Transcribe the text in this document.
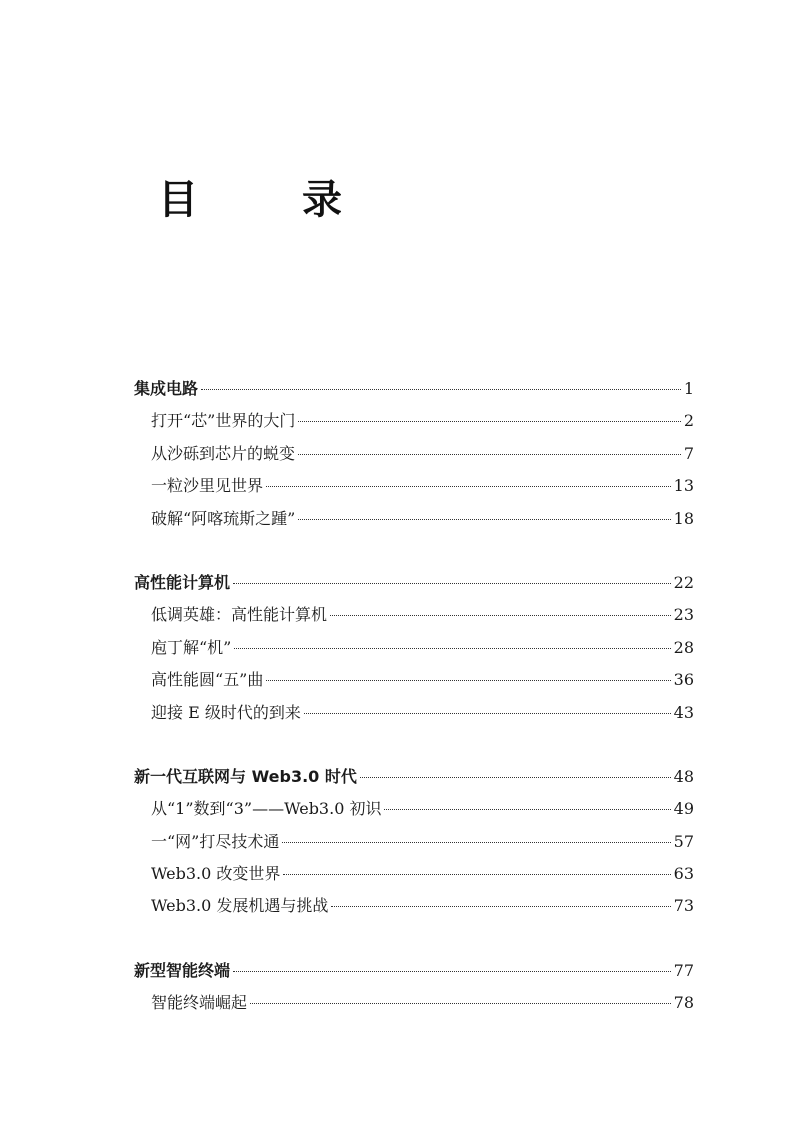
目　录
集成电路	1
打开“芯”世界的大门	2
从沙砾到芯片的蜕变	7
一粒沙里见世界	13
破解“阿喀琉斯之踵”	18
高性能计算机	22
低调英雄：高性能计算机	23
庖丁解“机”	28
高性能圆“五”曲	36
迎接 E 级时代的到来	43
新一代互联网与 Web3.0 时代	48
从“1”数到“3”——Web3.0 初识	49
一“网”打尽技术通	57
Web3.0 改变世界	63
Web3.0 发展机遇与挑战	73
新型智能终端	77
智能终端崛起	78
